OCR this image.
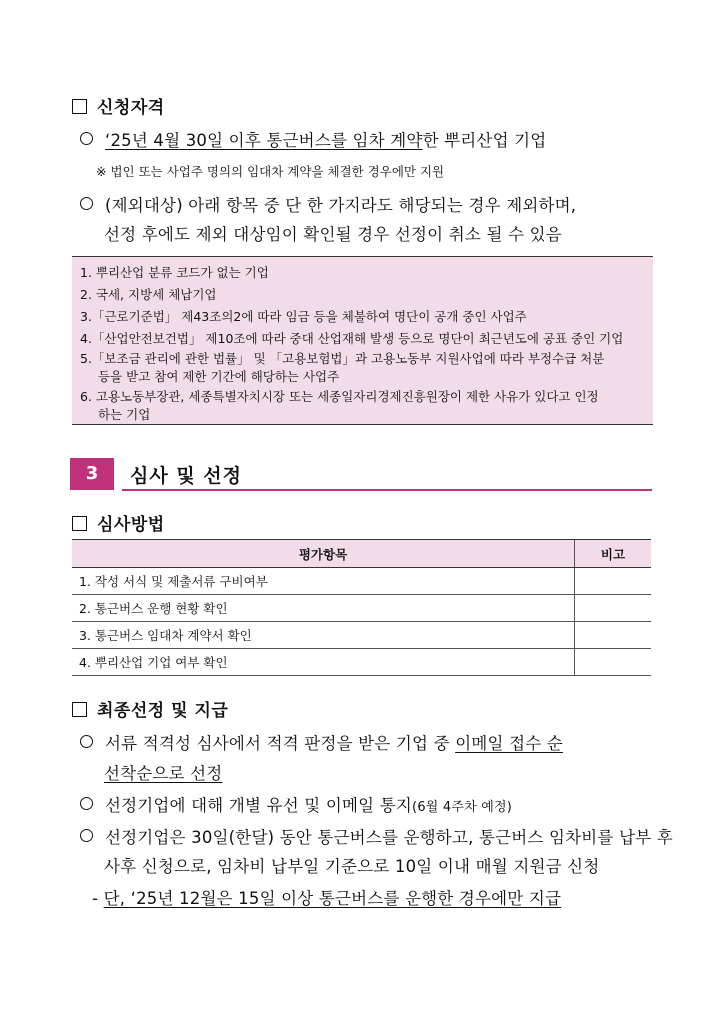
신청자격
‘25년 4월 30일 이후 통근버스를 임차 계약한 뿌리산업 기업
※ 법인 또는 사업주 명의의 임대차 계약을 체결한 경우에만 지원
(제외대상) 아래 항목 중 단 한 가지라도 해당되는 경우 제외하며,
선정 후에도 제외 대상임이 확인될 경우 선정이 취소 될 수 있음
1. 뿌리산업 분류 코드가 없는 기업
2. 국세, 지방세 체납기업
3.「근로기준법」 제43조의2에 따라 임금 등을 체불하여 명단이 공개 중인 사업주
4.「산업안전보건법」 제10조에 따라 중대 산업재해 발생 등으로 명단이 최근년도에 공표 중인 기업
5.「보조금 관리에 관한 법률」 및 「고용보험법」과 고용노동부 지원사업에 따라 부정수급 처분
등을 받고 참여 제한 기간에 해당하는 사업주
6. 고용노동부장관, 세종특별자치시장 또는 세종일자리경제진흥원장이 제한 사유가 있다고 인정
하는 기업
3	심사 및 선정
심사방법
평가항목	비고
1. 작성 서식 및 제출서류 구비여부	
2. 통근버스 운행 현황 확인	
3. 통근버스 임대차 계약서 확인	
4. 뿌리산업 기업 여부 확인	
최종선정 및 지급
서류 적격성 심사에서 적격 판정을 받은 기업 중 이메일 접수 순
선착순으로 선정
선정기업에 대해 개별 유선 및 이메일 통지(6월 4주차 예정)
선정기업은 30일(한달) 동안 통근버스를 운행하고, 통근버스 임차비를 납부 후
사후 신청으로, 임차비 납부일 기준으로 10일 이내 매월 지원금 신청
- 단, ‘25년 12월은 15일 이상 통근버스를 운행한 경우에만 지급
